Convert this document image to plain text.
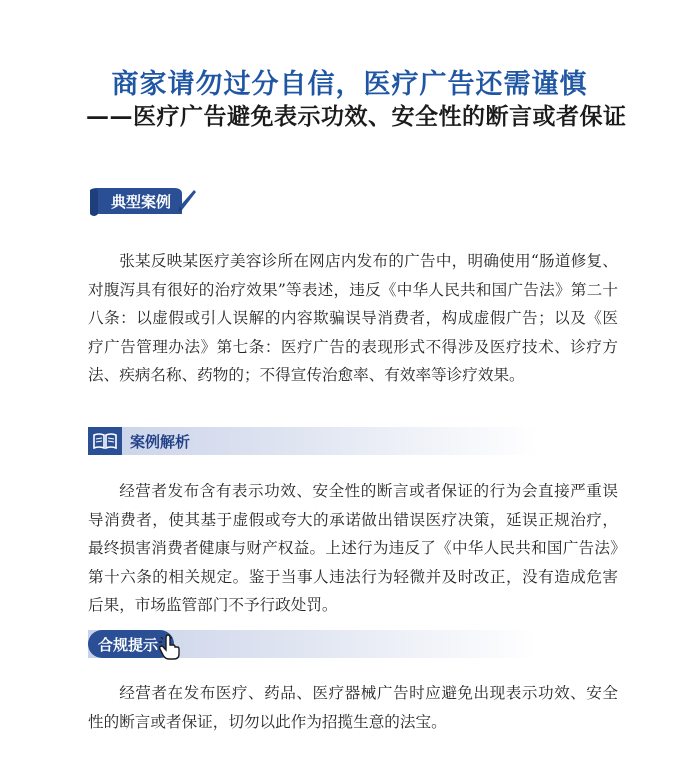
商家请勿过分自信，医疗广告还需谨慎
——医疗广告避免表示功效、安全性的断言或者保证
典型案例

张某反映某医疗美容诊所在网店内发布的广告中，明确使用“肠道修复、对腹泻具有很好的治疗效果”等表述，违反《中华人民共和国广告法》第二十八条：以虚假或引人误解的内容欺骗误导消费者，构成虚假广告；以及《医疗广告管理办法》第七条：医疗广告的表现形式不得涉及医疗技术、诊疗方法、疾病名称、药物的；不得宣传治愈率、有效率等诊疗效果。

案例解析

经营者发布含有表示功效、安全性的断言或者保证的行为会直接严重误导消费者，使其基于虚假或夸大的承诺做出错误医疗决策，延误正规治疗，最终损害消费者健康与财产权益。上述行为违反了《中华人民共和国广告法》第十六条的相关规定。鉴于当事人违法行为轻微并及时改正，没有造成危害后果，市场监管部门不予行政处罚。

合规提示

经营者在发布医疗、药品、医疗器械广告时应避免出现表示功效、安全性的断言或者保证，切勿以此作为招揽生意的法宝。
